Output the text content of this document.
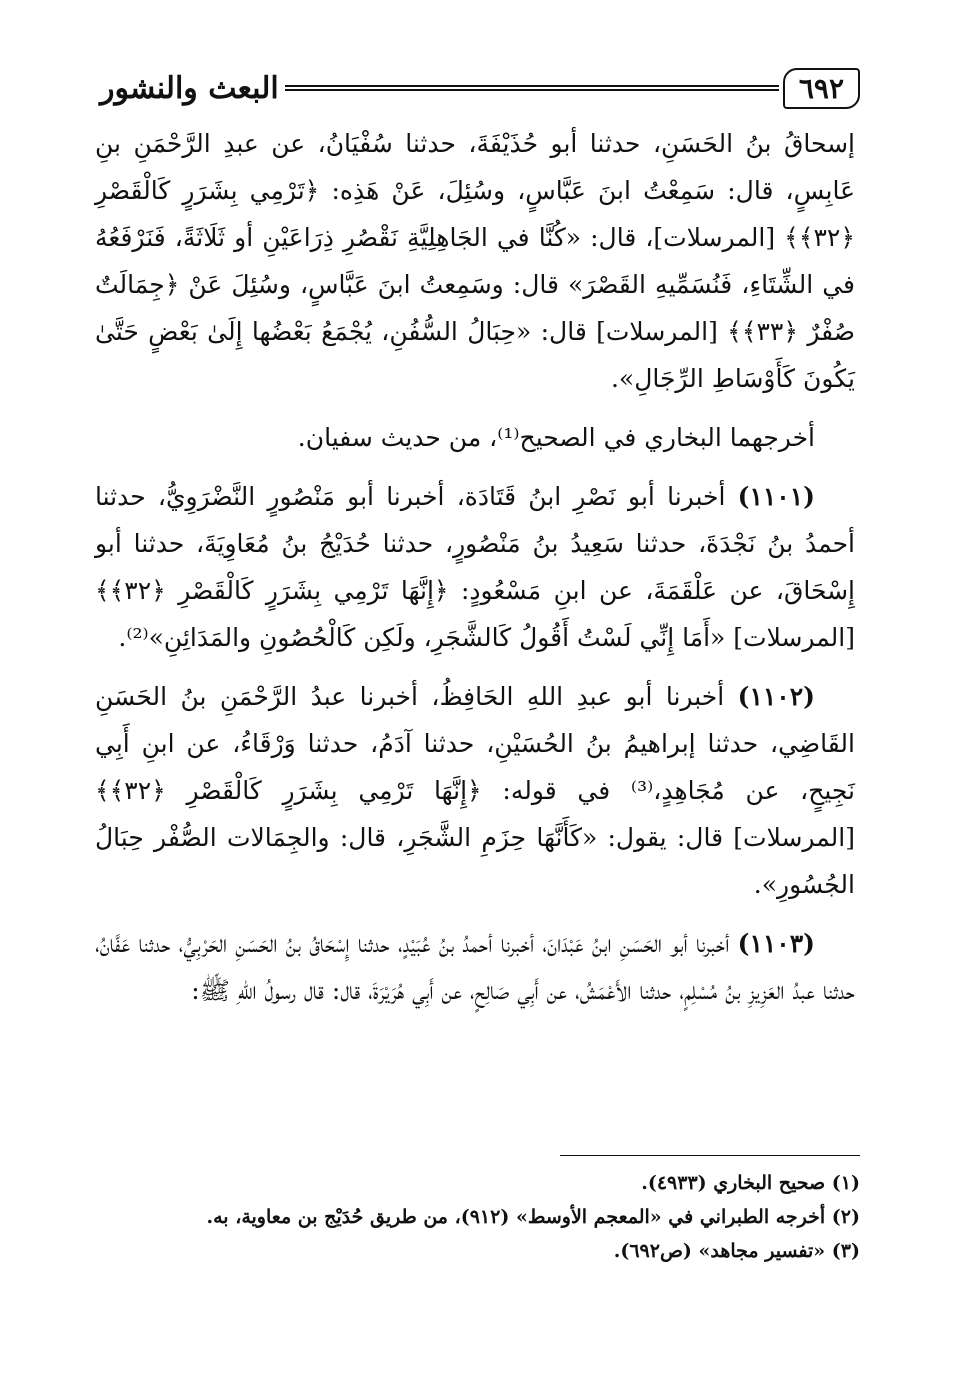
البعث والنشور	٦٩٢

إسحاقُ بنُ الحَسَنِ، حدثنا أبو حُذَيْفَةَ، حدثنا سُفْيَانُ، عن عبدِ الرَّحْمَنِ بنِ عَابِسٍ، قال: سَمِعْتُ ابنَ عَبَّاسٍ، وسُئِلَ، عَنْ هَذِه: ﴿تَرْمِي بِشَرَرٍ كَالْقَصْرِ ﴿٣٢﴾﴾ [المرسلات]، قال: «كُنَّا في الجَاهِلِيَّةِ نَقْصُرِ ذِرَاعَيْنِ أو ثَلَاثَةً، فَنَرْفَعُهُ في الشِّتَاءِ، فَنُسَمِّيهِ القَصْرَ» قال: وسَمِعتُ ابنَ عَبَّاسٍ، وسُئِلَ عَنْ ﴿جِمَالَتٌ صُفْرٌ ﴿٣٣﴾﴾ [المرسلات] قال: «حِبَالُ السُّفُنِ، يُجْمَعُ بَعْضُها إِلَىٰ بَعْضٍ حَتَّىٰ يَكُونَ كَأَوْسَاطِ الرِّجَالِ».

أخرجهما البخاري في الصحيح⁽¹⁾، من حديث سفيان.

(١١٠١) أخبرنا أبو نَصْرِ ابنُ قَتَادَة، أخبرنا أبو مَنْصُورٍ النَّضْرَوِيُّ، حدثنا أحمدُ بنُ نَجْدَةَ، حدثنا سَعِيدُ بنُ مَنْصُورٍ، حدثنا حُدَيْجُ بنُ مُعَاوِيَةَ، حدثنا أبو إِسْحَاقَ، عن عَلْقَمَةَ، عن ابنِ مَسْعُودٍ: ﴿إِنَّهَا تَرْمِي بِشَرَرٍ كَالْقَصْرِ ﴿٣٢﴾﴾ [المرسلات] «أَمَا إِنِّي لَسْتُ أَقُولُ كَالشَّجَرِ، ولَكِن كَالْحُصُونِ والمَدَائِنِ»⁽²⁾.

(١١٠٢) أخبرنا أبو عبدِ اللهِ الحَافِظُ، أخبرنا عبدُ الرَّحْمَنِ بنُ الحَسَنِ القَاضِي، حدثنا إبراهيمُ بنُ الحُسَيْنِ، حدثنا آدَمُ، حدثنا وَرْقَاءُ، عن ابنِ أَبِي نَجِيحٍ، عن مُجَاهِدٍ،⁽³⁾ في قوله: ﴿إِنَّهَا تَرْمِي بِشَرَرٍ كَالْقَصْرِ ﴿٣٢﴾﴾ [المرسلات] قال: يقول: «كَأَنَّهَا حِزَمِ الشَّجَرِ، قال: والجِمَالات الصُّفْر حِبَالُ الجُسُورِ».

(١١٠٣) أخبرنا أبو الحَسَنِ ابنُ عَبْدَانَ، أخبرنا أحمدُ بنُ عُبَيْدٍ، حدثنا إِسْحَاقُ بنُ الحَسَنِ الحَرْبِيُّ، حدثنا عَفَّانُ، حدثنا عبدُ العَزِيزِ بنُ مُسْلِمٍ، حدثنا الأَعْمَشُ، عن أَبِي صَالِحٍ، عن أَبِي هُرَيْرَةَ، قال: قال رسولُ اللهِ ﷺ:

(١) صحيح البخاري (٤٩٣٣).
(٢) أخرجه الطبراني في «المعجم الأوسط» (٩١٢)، من طريق حُدَيْج بن معاوية، به.
(٣) «تفسير مجاهد» (ص٦٩٢).
